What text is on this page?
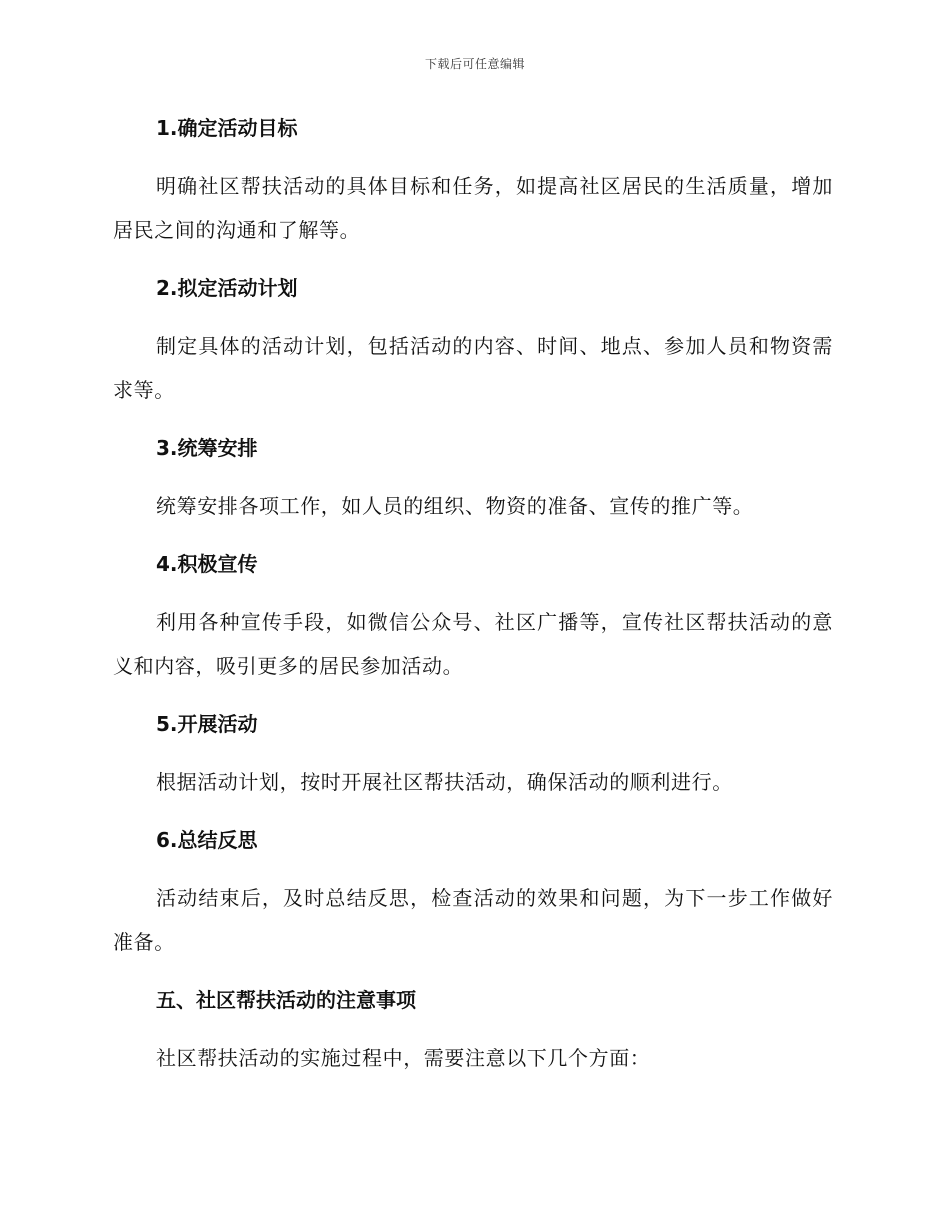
下载后可任意编辑
1.确定活动目标
明确社区帮扶活动的具体目标和任务，如提高社区居民的生活质量，增加居民之间的沟通和了解等。
2.拟定活动计划
制定具体的活动计划，包括活动的内容、时间、地点、参加人员和物资需求等。
3.统筹安排
统筹安排各项工作，如人员的组织、物资的准备、宣传的推广等。
4.积极宣传
利用各种宣传手段，如微信公众号、社区广播等，宣传社区帮扶活动的意义和内容，吸引更多的居民参加活动。
5.开展活动
根据活动计划，按时开展社区帮扶活动，确保活动的顺利进行。
6.总结反思
活动结束后，及时总结反思，检查活动的效果和问题，为下一步工作做好准备。
五、社区帮扶活动的注意事项
社区帮扶活动的实施过程中，需要注意以下几个方面：
